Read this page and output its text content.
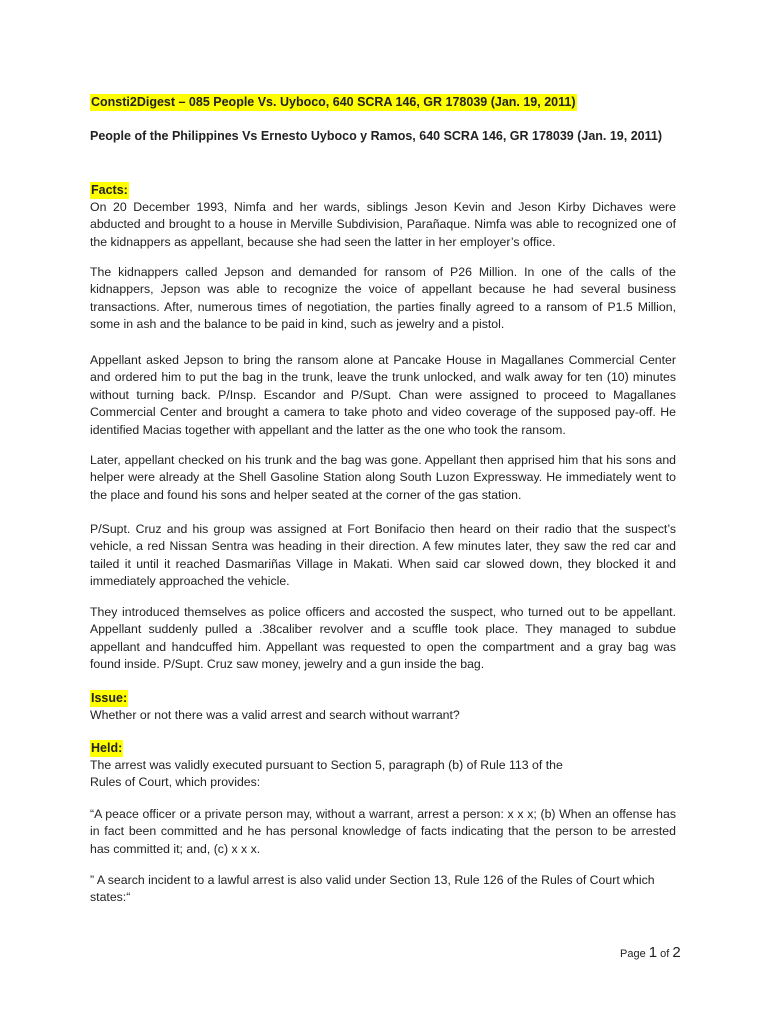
Consti2Digest – 085 People Vs. Uyboco, 640 SCRA 146, GR 178039 (Jan. 19, 2011)
People of the Philippines Vs Ernesto Uyboco y Ramos, 640 SCRA 146, GR 178039 (Jan. 19, 2011)
Facts:

On 20 December 1993, Nimfa and her wards, siblings Jeson Kevin and Jeson Kirby Dichaves were abducted and brought to a house in Merville Subdivision, Parañaque. Nimfa was able to recognized one of the kidnappers as appellant, because she had seen the latter in her employer’s office.

The kidnappers called Jepson and demanded for ransom of P26 Million. In one of the calls of the kidnappers, Jepson was able to recognize the voice of appellant because he had several business transactions. After, numerous times of negotiation, the parties finally agreed to a ransom of P1.5 Million, some in ash and the balance to be paid in kind, such as jewelry and a pistol.

Appellant asked Jepson to bring the ransom alone at Pancake House in Magallanes Commercial Center and ordered him to put the bag in the trunk, leave the trunk unlocked, and walk away for ten (10) minutes without turning back. P/Insp. Escandor and P/Supt. Chan were assigned to proceed to Magallanes Commercial Center and brought a camera to take photo and video coverage of the supposed pay-off. He identified Macias together with appellant and the latter as the one who took the ransom.

Later, appellant checked on his trunk and the bag was gone. Appellant then apprised him that his sons and helper were already at the Shell Gasoline Station along South Luzon Expressway. He immediately went to the place and found his sons and helper seated at the corner of the gas station.

P/Supt. Cruz and his group was assigned at Fort Bonifacio then heard on their radio that the suspect’s vehicle, a red Nissan Sentra was heading in their direction. A few minutes later, they saw the red car and tailed it until it reached Dasmariñas Village in Makati. When said car slowed down, they blocked it and immediately approached the vehicle.

They introduced themselves as police officers and accosted the suspect, who turned out to be appellant. Appellant suddenly pulled a .38caliber revolver and a scuffle took place. They managed to subdue appellant and handcuffed him. Appellant was requested to open the compartment and a gray bag was found inside. P/Supt. Cruz saw money, jewelry and a gun inside the bag.

Issue:

Whether or not there was a valid arrest and search without warrant?

Held:

The arrest was validly executed pursuant to Section 5, paragraph (b) of Rule 113 of the

Rules of Court, which provides:

“A peace officer or a private person may, without a warrant, arrest a person: x x x; (b) When an offense has in fact been committed and he has personal knowledge of facts indicating that the person to be arrested has committed it; and, (c) x x x.

” A search incident to a lawful arrest is also valid under Section 13, Rule 126 of the Rules of Court which states:“

Page 1 of 2
